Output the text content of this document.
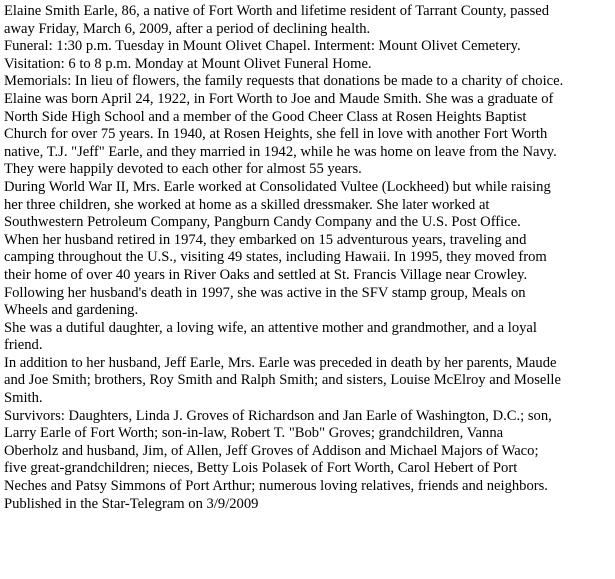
Elaine Smith Earle, 86, a native of Fort Worth and lifetime resident of Tarrant County, passed
away Friday, March 6, 2009, after a period of declining health.

Funeral: 1:30 p.m. Tuesday in Mount Olivet Chapel. Interment: Mount Olivet Cemetery.

Visitation: 6 to 8 p.m. Monday at Mount Olivet Funeral Home.

Memorials: In lieu of flowers, the family requests that donations be made to a charity of choice.

Elaine was born April 24, 1922, in Fort Worth to Joe and Maude Smith. She was a graduate of
North Side High School and a member of the Good Cheer Class at Rosen Heights Baptist
Church for over 75 years. In 1940, at Rosen Heights, she fell in love with another Fort Worth
native, T.J. "Jeff" Earle, and they married in 1942, while he was home on leave from the Navy.
They were happily devoted to each other for almost 55 years.

During World War II, Mrs. Earle worked at Consolidated Vultee (Lockheed) but while raising
her three children, she worked at home as a skilled dressmaker. She later worked at
Southwestern Petroleum Company, Pangburn Candy Company and the U.S. Post Office.

When her husband retired in 1974, they embarked on 15 adventurous years, traveling and
camping throughout the U.S., visiting 49 states, including Hawaii. In 1995, they moved from
their home of over 40 years in River Oaks and settled at St. Francis Village near Crowley.
Following her husband's death in 1997, she was active in the SFV stamp group, Meals on
Wheels and gardening.

She was a dutiful daughter, a loving wife, an attentive mother and grandmother, and a loyal
friend.

In addition to her husband, Jeff Earle, Mrs. Earle was preceded in death by her parents, Maude
and Joe Smith; brothers, Roy Smith and Ralph Smith; and sisters, Louise McElroy and Moselle
Smith.

Survivors: Daughters, Linda J. Groves of Richardson and Jan Earle of Washington, D.C.; son,
Larry Earle of Fort Worth; son-in-law, Robert T. "Bob" Groves; grandchildren, Vanna
Oberholz and husband, Jim, of Allen, Jeff Groves of Addison and Michael Majors of Waco;
five great-grandchildren; nieces, Betty Lois Polasek of Fort Worth, Carol Hebert of Port
Neches and Patsy Simmons of Port Arthur; numerous loving relatives, friends and neighbors.

Published in the Star-Telegram on 3/9/2009
